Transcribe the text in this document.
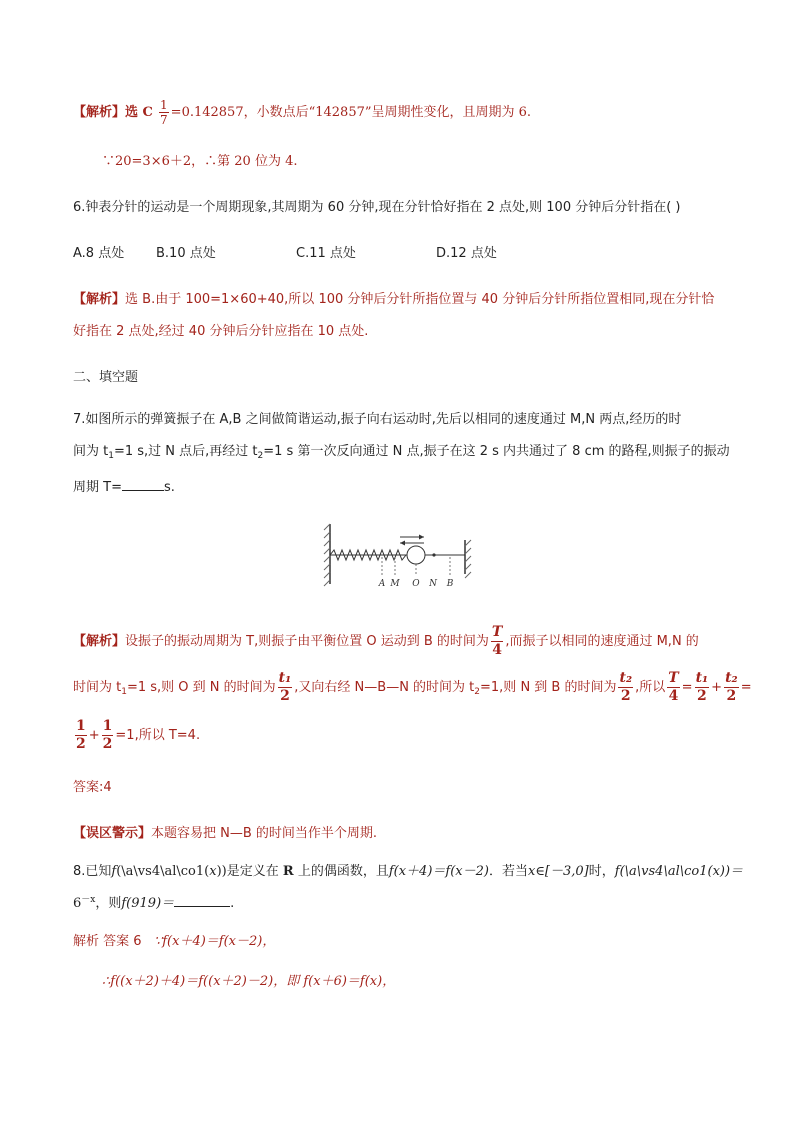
【解析】选 C $\frac{1}{7} =0.142857$，小数点后“142857”呈周期性变化，且周期为 6.
∵20=3×6＋2，∴第 20 位为 4.
6.钟表分针的运动是一个周期现象,其周期为 60 分钟,现在分针恰好指在 2 点处,则 100 分钟后分针指在( )
A.8 点处 B.10 点处	C.11 点处	D.12 点处
【解析】选 B.由于 100=1×60+40,所以 100 分钟后分针所指位置与 40 分钟后分针所指位置相同,现在分针恰
好指在 2 点处,经过 40 分钟后分针应指在 10 点处.
二、填空题
7.如图所示的弹簧振子在 A,B 之间做简谐运动,振子向右运动时,先后以相同的速度通过 M,N 两点,经历的时
间为 $t_1=1$ s,过 N 点后,再经过 $t_2=1$ s 第一次反向通过 N 点,振子在这 2 s 内共通过了 8 cm 的路程,则振子的振动
周期 T=	s.
A M O N B
【解析】设振子的振动周期为 T,则振子由平衡位置 O 运动到 B 的时间为 $\frac{T}{4}$ ,而振子以相同的速度通过 M,N 的
时间为 $t_1=1$ s,则 O 到 N 的时间为 $\frac{\text{t₁}}{2}$ ,又向右经 N—B—N 的时间为 $t_2=1$,则 N 到 B 的时间为 $\frac{\text{t₂}}{2}$ ,所以 $\frac{T}{4} = \frac{\text{t₁}}{2} + \frac{\text{t₂}}{2}$ =
$\frac{1}{2} + \frac{1}{2} =1$,所以 T=4.
答案:4
【误区警示】本题容易把 N—B 的时间当作半个周期.
8.已知f(\a\vs4\al\co1(x))是定义在 R 上的偶函数，且f(x＋4)＝f(x－2)．若当x∈[－3,0]时，f(\a\vs4\al\co1(x))＝
$6^{-x}$，则f(919)＝	.
解析 答案 6 ∵f(x＋4)＝f(x－2)，
∴f((x＋2)＋4)＝f((x＋2)－2)，即 f(x＋6)＝f(x)，
